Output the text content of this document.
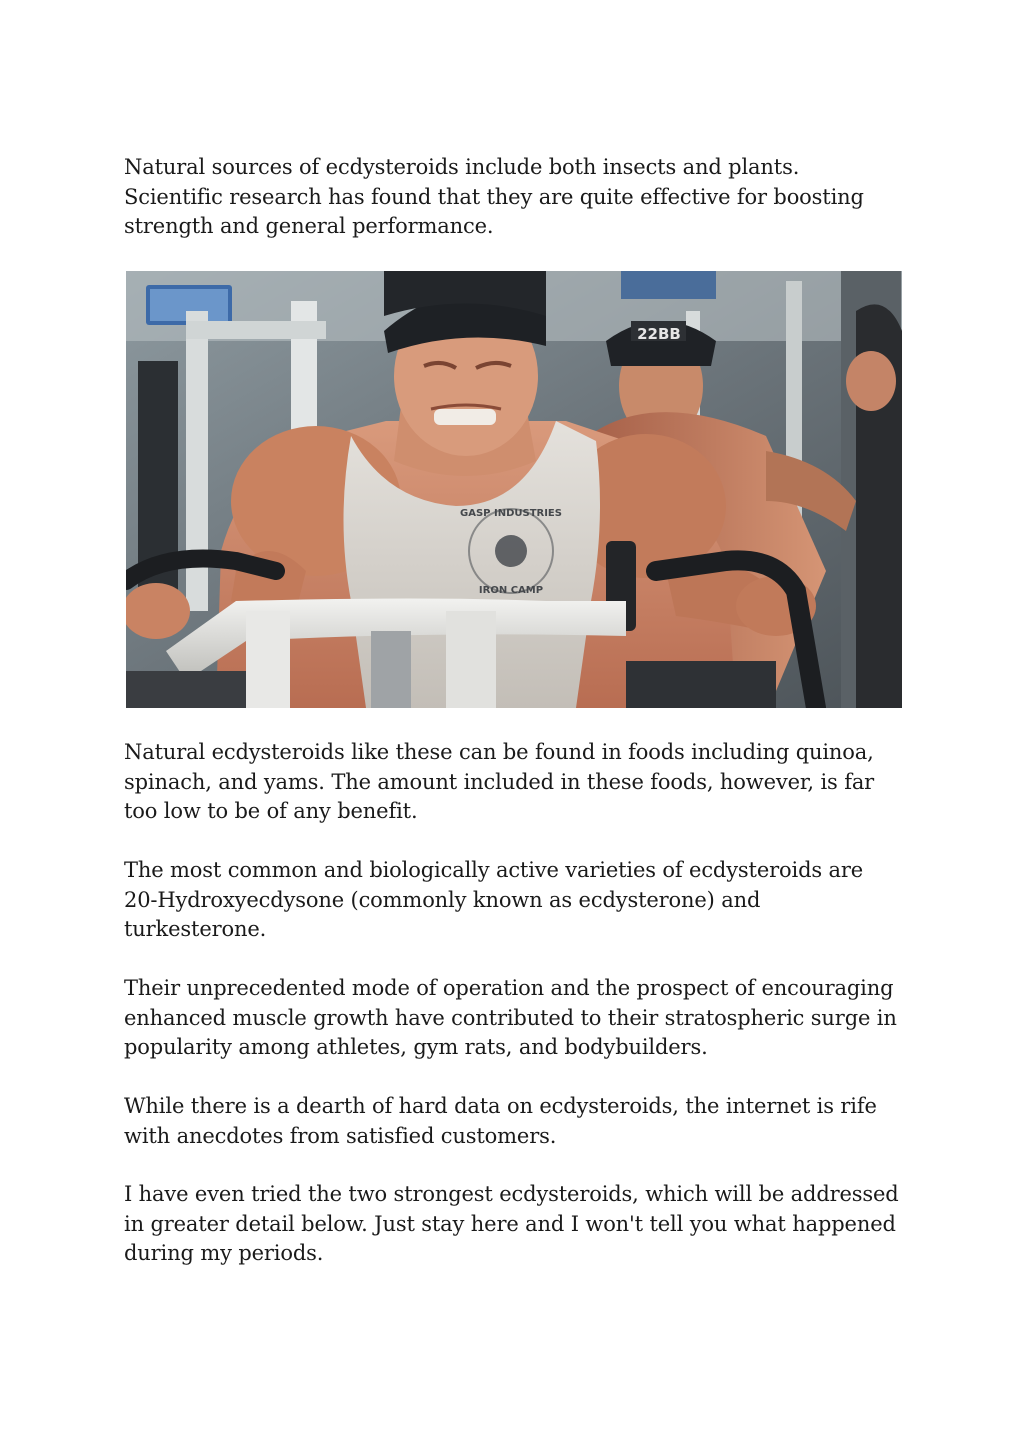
Natural sources of ecdysteroids include both insects and plants.
Scientific research has found that they are quite effective for boosting
strength and general performance.

GASP INDUSTRIES
IRON CAMP
22BB

Natural ecdysteroids like these can be found in foods including quinoa,
spinach, and yams. The amount included in these foods, however, is far
too low to be of any benefit.

The most common and biologically active varieties of ecdysteroids are
20-Hydroxyecdysone (commonly known as ecdysterone) and
turkesterone.

Their unprecedented mode of operation and the prospect of encouraging
enhanced muscle growth have contributed to their stratospheric surge in
popularity among athletes, gym rats, and bodybuilders.

While there is a dearth of hard data on ecdysteroids, the internet is rife
with anecdotes from satisfied customers.

I have even tried the two strongest ecdysteroids, which will be addressed
in greater detail below. Just stay here and I won't tell you what happened
during my periods.
